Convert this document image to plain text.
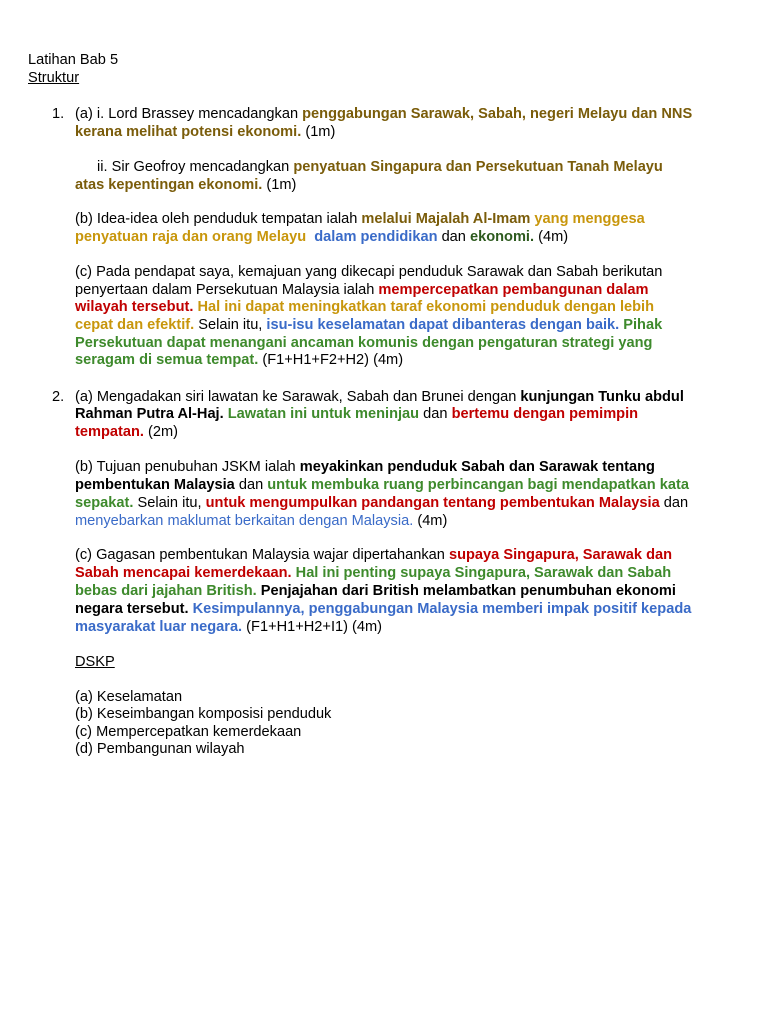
Latihan Bab 5
Struktur
1. (a) i. Lord Brassey mencadangkan penggabungan Sarawak, Sabah, negeri Melayu dan NNS
kerana melihat potensi ekonomi. (1m)
ii. Sir Geofroy mencadangkan penyatuan Singapura dan Persekutuan Tanah Melayu
atas kepentingan ekonomi. (1m)
(b) Idea-idea oleh penduduk tempatan ialah melalui Majalah Al-Imam yang menggesa
penyatuan raja dan orang Melayu  dalam pendidikan dan ekonomi. (4m)
(c) Pada pendapat saya, kemajuan yang dikecapi penduduk Sarawak dan Sabah berikutan
penyertaan dalam Persekutuan Malaysia ialah mempercepatkan pembangunan dalam
wilayah tersebut. Hal ini dapat meningkatkan taraf ekonomi penduduk dengan lebih
cepat dan efektif. Selain itu, isu-isu keselamatan dapat dibanteras dengan baik. Pihak
Persekutuan dapat menangani ancaman komunis dengan pengaturan strategi yang
seragam di semua tempat. (F1+H1+F2+H2) (4m)
2. (a) Mengadakan siri lawatan ke Sarawak, Sabah dan Brunei dengan kunjungan Tunku abdul
Rahman Putra Al-Haj. Lawatan ini untuk meninjau dan bertemu dengan pemimpin
tempatan. (2m)
(b) Tujuan penubuhan JSKM ialah meyakinkan penduduk Sabah dan Sarawak tentang
pembentukan Malaysia dan untuk membuka ruang perbincangan bagi mendapatkan kata
sepakat. Selain itu, untuk mengumpulkan pandangan tentang pembentukan Malaysia dan
menyebarkan maklumat berkaitan dengan Malaysia. (4m)
(c) Gagasan pembentukan Malaysia wajar dipertahankan supaya Singapura, Sarawak dan
Sabah mencapai kemerdekaan. Hal ini penting supaya Singapura, Sarawak dan Sabah
bebas dari jajahan British. Penjajahan dari British melambatkan penumbuhan ekonomi
negara tersebut. Kesimpulannya, penggabungan Malaysia memberi impak positif kepada
masyarakat luar negara. (F1+H1+H2+I1) (4m)
DSKP
(a) Keselamatan
(b) Keseimbangan komposisi penduduk
(c) Mempercepatkan kemerdekaan
(d) Pembangunan wilayah
